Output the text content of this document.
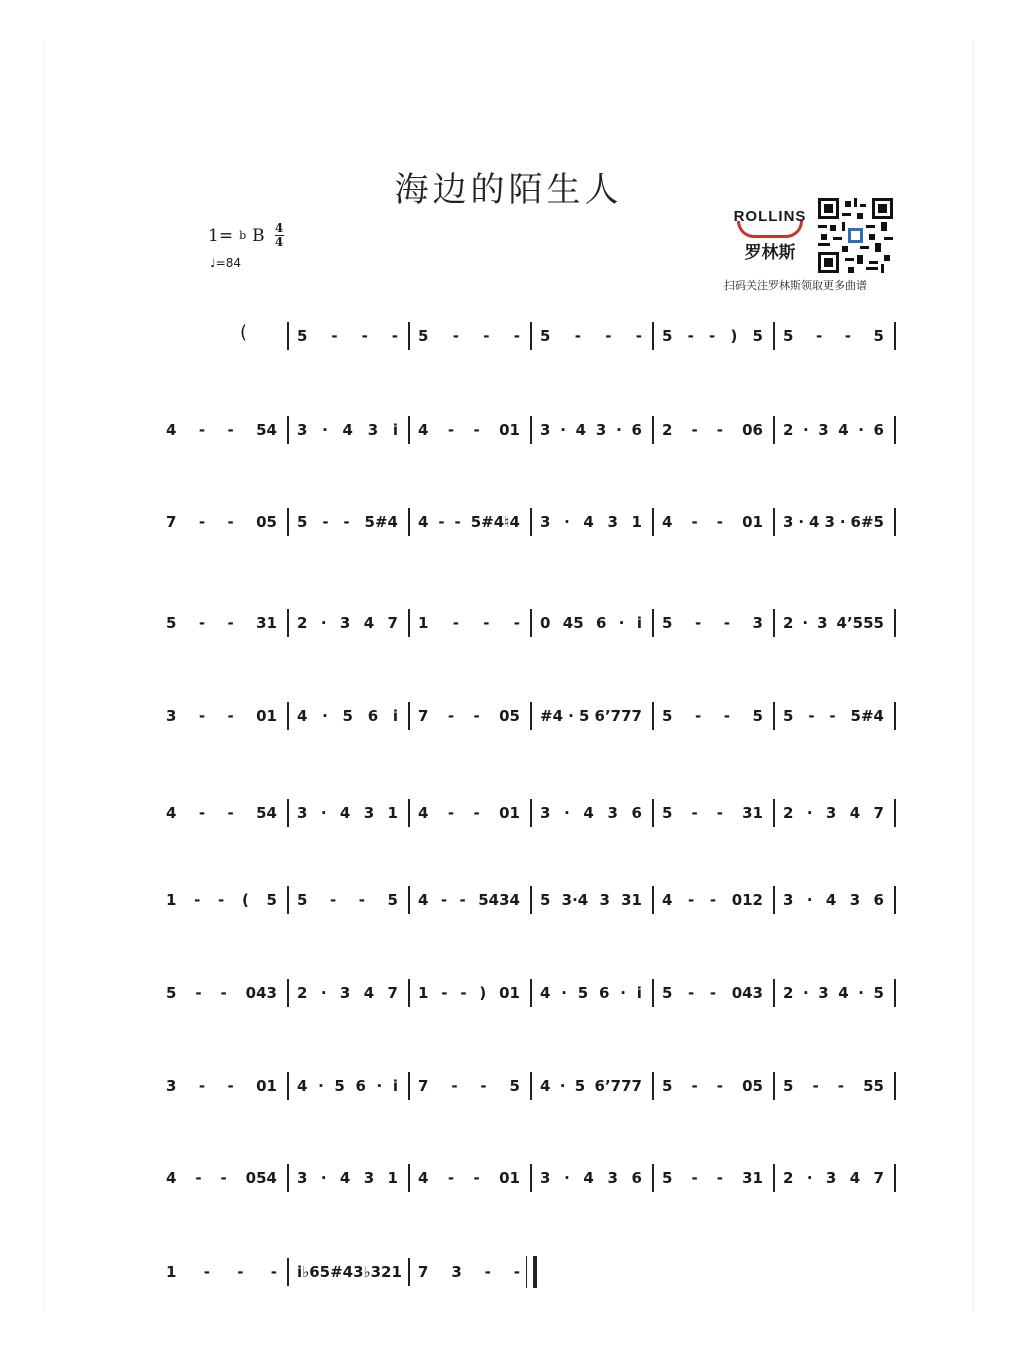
海边的陌生人
1= b B 4
4
♩=84
ROLLINS
罗林斯
扫码关注罗林斯领取更多曲谱
(	5 - - - 5 - - - 5 - - - 5 - - ) 5 5 - - 5
4 - - 54 3 · 4 3 i 4 - - 01 3 · 4 3 · 6 2 - - 06 2 · 3 4 · 6
7 - - 05 5 - - 5#4 4 - - 5#4♮4 3 · 4 3 1 4 - - 01 3 · 4 3 · 6#5
5 - - 31 2 · 3 4 7 1 - - - 0 45 6 · i 5 - - 3 2 · 3 4’555
3 - - 01 4 · 5 6 i 7 - - 05 #4 · 5 6’777 5 - - 5 5 - - 5#4
4 - - 54 3 · 4 3 1 4 - - 01 3 · 4 3 6 5 - - 31 2 · 3 4 7
1 - - ( 5 5 - - 5 4 - - 5434 5 3·4 3 31 4 - - 012 3 · 4 3 6
5 - - 043 2 · 3 4 7 1 - - ) 01 4 · 5 6 · i 5 - - 043 2 · 3 4 · 5
3 - - 01 4 · 5 6 · i 7 - - 5 4 · 5 6’777 5 - - 05 5 - - 55
4 - - 054 3 · 4 3 1 4 - - 01 3 · 4 3 6 5 - - 31 2 · 3 4 7
1 - - - i♭6 5#4 3♭32 1 7 3 - -
